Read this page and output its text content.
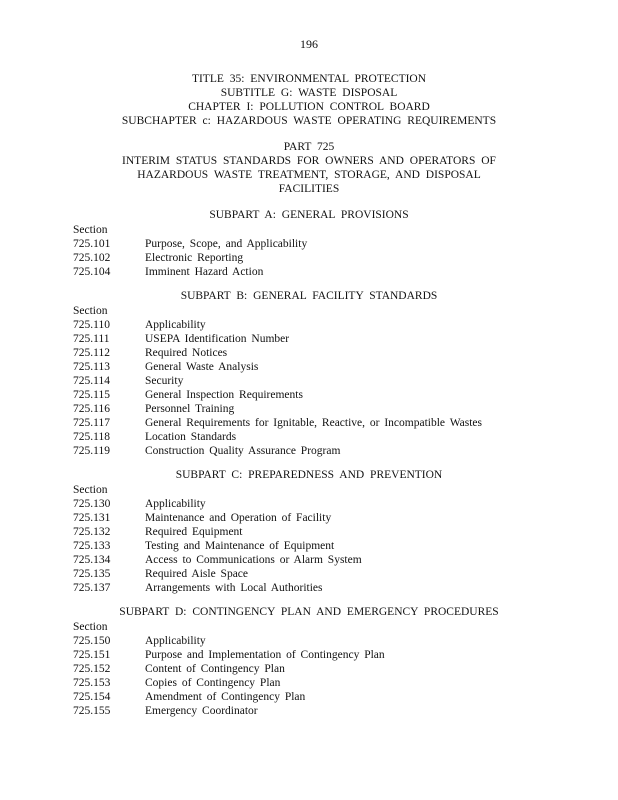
196
TITLE 35: ENVIRONMENTAL PROTECTION
SUBTITLE G: WASTE DISPOSAL
CHAPTER I: POLLUTION CONTROL BOARD
SUBCHAPTER c: HAZARDOUS WASTE OPERATING REQUIREMENTS
PART 725
INTERIM STATUS STANDARDS FOR OWNERS AND OPERATORS OF
HAZARDOUS WASTE TREATMENT, STORAGE, AND DISPOSAL
FACILITIES
SUBPART A: GENERAL PROVISIONS
Section
725.101	Purpose, Scope, and Applicability
725.102	Electronic Reporting
725.104	Imminent Hazard Action
SUBPART B: GENERAL FACILITY STANDARDS
Section
725.110	Applicability
725.111	USEPA Identification Number
725.112	Required Notices
725.113	General Waste Analysis
725.114	Security
725.115	General Inspection Requirements
725.116	Personnel Training
725.117	General Requirements for Ignitable, Reactive, or Incompatible Wastes
725.118	Location Standards
725.119	Construction Quality Assurance Program
SUBPART C: PREPAREDNESS AND PREVENTION
Section
725.130	Applicability
725.131	Maintenance and Operation of Facility
725.132	Required Equipment
725.133	Testing and Maintenance of Equipment
725.134	Access to Communications or Alarm System
725.135	Required Aisle Space
725.137	Arrangements with Local Authorities
SUBPART D: CONTINGENCY PLAN AND EMERGENCY PROCEDURES
Section
725.150	Applicability
725.151	Purpose and Implementation of Contingency Plan
725.152	Content of Contingency Plan
725.153	Copies of Contingency Plan
725.154	Amendment of Contingency Plan
725.155	Emergency Coordinator
